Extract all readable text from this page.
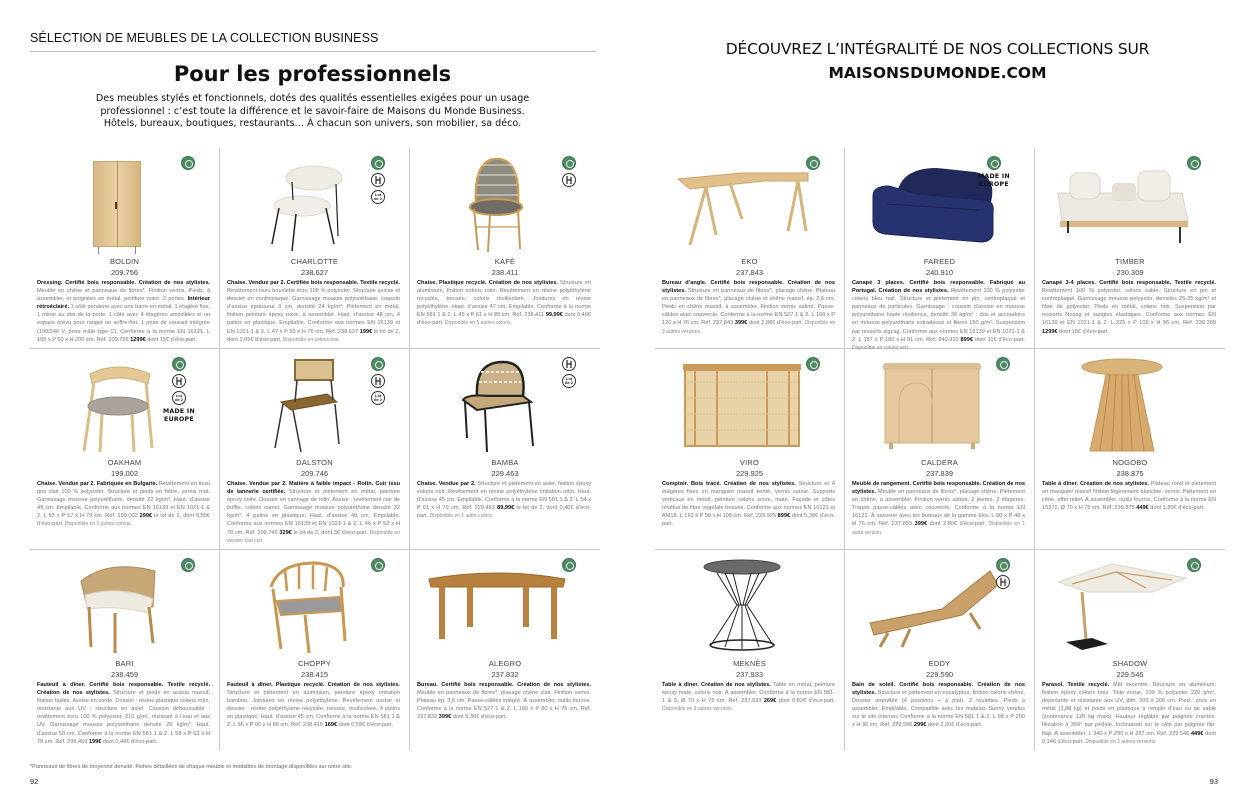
SÉLECTION DE MEUBLES DE LA COLLECTION BUSINESS
Pour les professionnels
Des meubles stylés et fonctionnels, dotés des qualités essentielles exigées pour un usage
professionnel : c’est toute la différence et le savoir-faire de Maisons du Monde Business.
Hôtels, bureaux, boutiques, restaurants… À chacun son univers, son mobilier, sa déco.
BOLDIN
209.756
Dressing. Certifié bois responsable. Création de nos stylistes. Meuble en chêne et panneaux de fibres*. Finition vernis. Pieds, à assembler, et poignées en métal, peinture noire. 2 portes. Intérieur rétroéclairé. 1 côté penderie avec une barre en métal, 1 étagère fixe, 1 miroir au dos de la porte. 1 côté avec 4 étagères amovibles et un espace prévu pour ranger un coffre-fort. 1 prise de courant intégrée (100/240 V, prise mâle type C). Conforme à la norme EN 16121. L 105 x P 50 x H 200 cm. Réf. 209.756 1299€ dont 15€ d’éco-part.
Lot
de 2
CHARLOTTE
238.627
Chaise. Vendue par 2. Certifiée bois responsable. Textile recyclé. Revêtement tissu bouclette écru 100 % polyester. Structure assise et dossier en contreplaqué. Garnissage mousse polyuréthane, coussin d’assise épaisseur 3 cm, densité 24 kg/m³. Piètement en métal, finition peinture époxy noire, à assembler. Haut. d’assise 48 cm. 4 patins en plastique. Empilable. Conforme aux normes EN 16139 et EN 1021-1 & 2. L 47 x P 52 x H 76 cm. Réf. 238.627 199€ le lot de 2, dont 2,05€ d’éco-part. Disponible en coloris noir.
KAFÉ
238.411
Chaise. Plastique recyclé. Création de nos stylistes. Structure en aluminium, finition coloris rotin. Revêtement en résine polyéthylène recyclée, tressée, coloris multicolore. Jointures en résine polyéthylène. Haut. d’assise 47 cm. Empilable. Conforme à la norme EN 581 1 & 2. L 45 x P 61 x H 89 cm. Réf. 238.411 99,99€ dont 0,40€ d’éco-part. Disponible en 5 autres coloris.
Lot
de 2
MADE IN
EUROPE
OAKHAM
199.002
Chaise. Vendue par 2. Fabriquée en Bulgarie. Revêtement en tissu gris clair 100 % polyester. Structure et pieds en hêtre, vernis mat. Garnissage mousse polyuréthane, densité 22 kg/m³. Haut. d’assise 49 cm. Empilable. Conforme aux normes EN 16139 et EN 1021-1 & 2. L 53 x P 57 x H 79 cm. Réf. 199.002 299€ le lot de 2, dont 0,59€ d’éco-part. Disponible en 2 autres coloris.
Lot
de 2
DALSTON
209.746
Chaise. Vendue par 2. Matière à faible impact - Rotin. Cuir issu de tannerie certifiée. Structure et piètement en métal, peinture époxy noire. Dossier en cannage de rotin. Assise : revêtement cuir de buffle, coloris camel. Garnissage mousse polyuréthane densité 32 kg/m³. 4 patins en plastique. Haut. d’assise 49 cm. Empilable. Conforme aux normes EN 16139 et EN 1021-1 & 2. L 46 x P 52 x H 78 cm. Réf. 209.746 329€ le lot de 2, dont 3€ d’éco-part. Disponible en version tout cuir.
Lot
de 2
BAMBA
229.463
Chaise. Vendue par 2. Structure et piètement en acier, finition époxy coloris noir. Revêtement en résine polyéthylène imitation rotin. Haut. d’assise 45 cm. Empilable. Conforme à la norme EN 581 1 & 2. L 54 x P 61 x H 79 cm. Réf. 229.463 89,99€ le lot de 2, dont 0,40€ d’éco-part. Disponible en 1 autre coloris.
BARI
238.459
Fauteuil à dîner. Certifié bois responsable. Textile recyclé. Création de nos stylistes. Structure et pieds en acacia massif, finition huilée. Assise en corde. Dossier : résine plastique coloris rotin, résistante aux UV ; structure en acier. Coussin déhoussable : revêtement écru 100 % polyester, 210 g/m², résistant à l’eau et aux UV. Garnissage mousse polyuréthane densité 20 kg/m³. Haut. d’assise 50 cm. Conforme à la norme EN 581 1 & 2. L 58 x P 63 x H 78 cm. Réf. 238.459 199€ dont 0,40€ d’éco-part.
CHOPPY
238.415
Fauteuil à dîner. Plastique recyclé. Création de nos stylistes. Structure et piètement en aluminium, peinture époxy imitation bambou. Jointures en résine polyéthylène. Revêtement assise et dossier : résine polyéthylène recyclée, tressée, multicolore. 4 patins en plastique. Haut. d’assise 45 cm. Conforme à la norme EN 581 1 & 2. L 56 x P 66 x H 80 cm. Réf. 238.415 169€ dont 0,59€ d’éco-part.
ALEGRO
237.832
Bureau. Certifié bois responsable. Création de nos stylistes. Meuble en panneaux de fibres*, placage chêne clair. Finition vernis. Plateau ép. 3,6 cm. Passe-câbles intégré. À assembler, outils fournis. Conforme à la norme EN 527 1 & 2. L 180 x P 80 x H 75 cm. Réf. 237.832 399€ dont 5,30€ d’éco-part.
*Panneaux de fibres de moyenne densité. Fiches détaillées de chaque meuble et modalités de montage disponibles sur notre site.
92
DÉCOUVREZ L’INTÉGRALITÉ DE NOS COLLECTIONS SUR
MAISONSDUMONDE.COM
EKO
237.843
Bureau d’angle. Certifié bois responsable. Création de nos stylistes. Structure en panneaux de fibres*, placage chêne. Plateau en panneaux de fibres*, placage chêne et chêne massif, ép. 2,6 cm. Pieds en chêne massif, à assembler. Finition vernis satiné. Passe-câbles avec couvercle. Conforme à la norme EN 527 1 & 2. L 160 x P 120 x H 76 cm. Réf. 237.843 399€ dont 2,80€ d’éco-part. Disponible en 3 autres versions.
MADE IN
EUROPE
FAREED
240.910
Canapé 3 places. Certifié bois responsable. Fabriqué au Portugal. Création de nos stylistes. Revêtement 100 % polyester coloris bleu nuit. Structure et piètement en pin, contreplaqué et panneaux de particules. Garnissage : coussin d’assise en mousse polyuréthane haute résilience, densité 30 kg/m³ ; dos et accoudoirs en mousse polyuréthane extradouce et fibres 150 g/m². Suspension par ressorts zigzag. Conforme aux normes EN 16139 et EN 1021-1 & 2. L 187 x P 100 x H 81 cm. Réf. 240.910 899€ dont 11€ d’éco-part. Disponible en coloris vert.
TIMBER
230.309
Canapé 3-4 places. Certifié bois responsable. Textile recyclé. Revêtement 100 % polyester, coloris sable. Structure en pin et contreplaqué. Garnissage mousse polyester, densités 25-35 kg/m³ et fibre de polyester. Pieds en métal, coloris noir. Suspension par ressorts Nosag et sangles élastiques. Conforme aux normes EN 16139 et EN 1021-1 & 2. L 225 x P 102 x H 96 cm. Réf. 230.309 1299€ dont 16€ d’éco-part.
VIRO
229.925
Comptoir. Bois tracé. Création de nos stylistes. Structure et 4 étagères fixes en manguier massif teinté, vernis satiné. Supports verticaux en métal, peinture coloris ivoire, mate. Façade et côtés revêtus de fibre végétale tressée. Conforme aux normes EN 16121 et AM18. L 122 x P 58 x H 100 cm. Réf. 229.925 899€ dont 5,30€ d’éco-part.
CALDERA
237.839
Meuble de rangement. Certifié bois responsable. Création de nos stylistes. Meuble en panneaux de fibres*, placage chêne. Piètement en chêne, à assembler. Finition vernis satiné. 2 portes. 2 étagères. Trappe passe-câbles avec couvercle. Conforme à la norme EN 16121. À associer avec les bureaux de la gamme Eko. L 80 x P 40 x H 76 cm. Réf. 237.839 399€ dont 2,80€ d’éco-part. Disponible en 1 autre version.
NOGOBO
238.875
Table à dîner. Création de nos stylistes. Plateau rond et piètement en manguier massif finition légèrement blanchie, vernis. Piètement en cône, effet relief. À assembler, outils fournis. Conforme à la norme EN 15372. Ø 70 x H 76 cm. Réf. 238.875 449€ dont 1,80€ d’éco-part.
MEKNÈS
237.933
Table à dîner. Création de nos stylistes. Table en métal, peinture époxy mate, coloris noir. À assembler. Conforme à la norme EN 581-1 & 3. Ø 70 x H 75 cm. Réf. 237.933 269€ dont 0,82€ d’éco-part. Disponible en 3 autres versions.
EDDY
229.590
Bain de soleil. Certifié bois responsable. Création de nos stylistes. Structure et piètement en eucalyptus, finition coloris chêne. Dossier amovible (4 positions + à plat). 2 roulettes. Pieds à assembler. Empilable. Compatible avec les matelas Sunny vendus sur le site internet. Conforme à la norme EN 581 1 & 2. L 68 x P 200 x H 36 cm. Réf. 229.590 299€ dont 2,20€ d’éco-part.
SHADOW
229.546
Parasol. Textile recyclé. Mât excentré. Structure en aluminium, finition époxy coloris bois. Toile écrue, 100 % polyester 220 g/m², déperlante et résistante aux UV, dim. 300 x 300 cm. Pied : croix en métal (3,88 kg) et poids en plastique à remplir d’eau ou de sable (contenance 120 kg maxi). Hauteur réglable par poignée crantée. Rotation à 360° par pédale. Inclinaison sur le côté par poignée flip-flap. À assembler. L 340 x P 290 x H 287 cm. Réf. 229.546 449€ dont 0,14€ d’éco-part. Disponible en 3 autres versions.
93
